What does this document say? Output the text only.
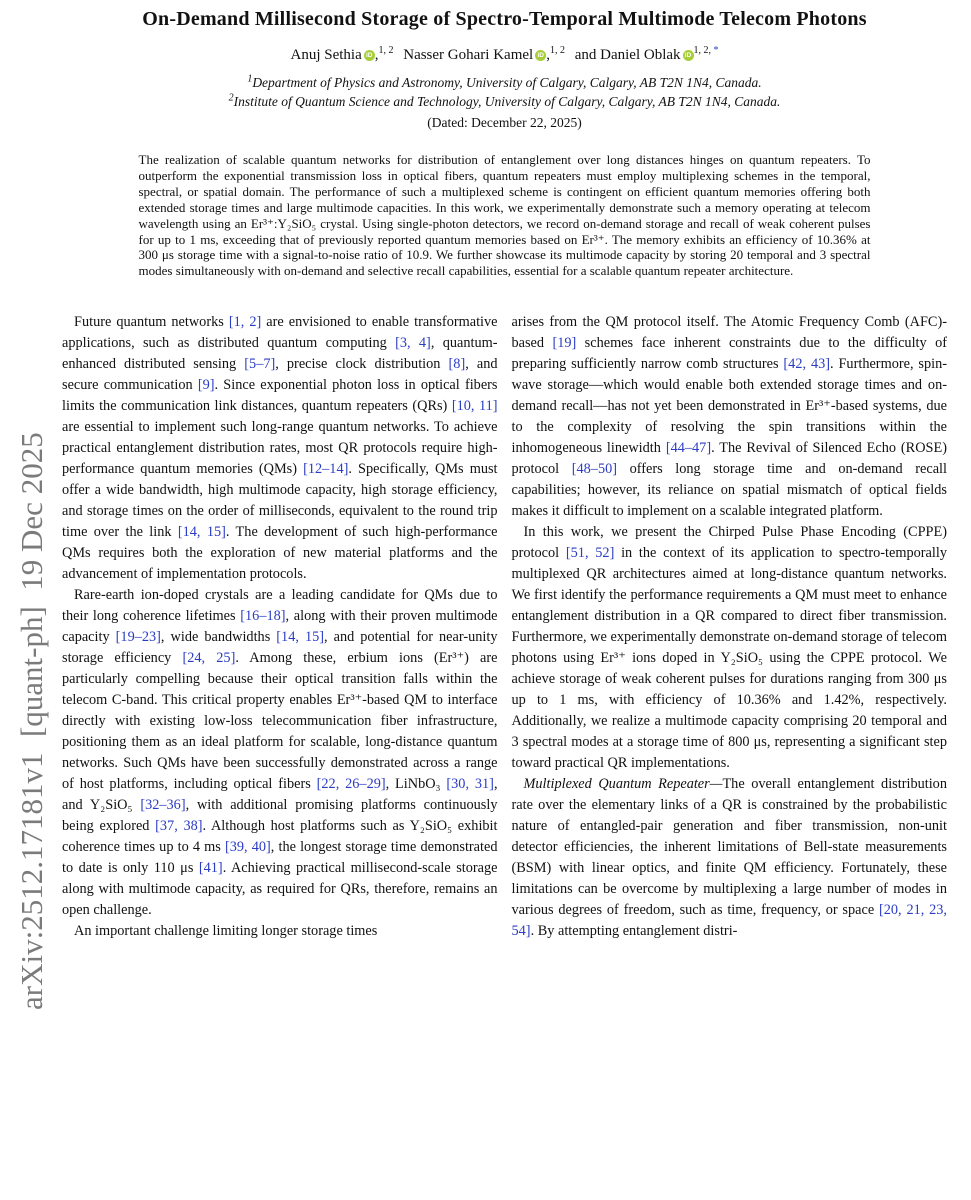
arXiv:2512.17181v1  [quant-ph]  19 Dec 2025
On-Demand Millisecond Storage of Spectro-Temporal Multimode Telecom Photons
Anuj Sethia iD ,$^{1, 2}$ Nasser Gohari Kamel iD ,$^{1, 2}$ and Daniel Oblak iD $^{1, 2,}$ *
$^1$Department of Physics and Astronomy, University of Calgary, Calgary, AB T2N 1N4, Canada.
$^2$Institute of Quantum Science and Technology, University of Calgary, Calgary, AB T2N 1N4, Canada.
(Dated: December 22, 2025)
The realization of scalable quantum networks for distribution of entanglement over long distances hinges on quantum repeaters. To outperform the exponential transmission loss in optical fibers, quantum repeaters must employ multiplexing schemes in the temporal, spectral, or spatial domain. The performance of such a multiplexed scheme is contingent on efficient quantum memories offering both extended storage times and large multimode capacities. In this work, we experimentally demonstrate such a memory operating at telecom wavelength using an Er³⁺:Y₂SiO₅ crystal. Using single-photon detectors, we record on-demand storage and recall of weak coherent pulses for up to 1 ms, exceeding that of previously reported quantum memories based on Er³⁺. The memory exhibits an efficiency of 10.36% at 300 μs storage time with a signal-to-noise ratio of 10.9. We further showcase its multimode capacity by storing 20 temporal and 3 spectral modes simultaneously with on-demand and selective recall capabilities, essential for a scalable quantum repeater architecture.

Future quantum networks [1, 2] are envisioned to enable transformative applications, such as distributed quantum computing [3, 4], quantum-enhanced distributed sensing [5–7], precise clock distribution [8], and secure communication [9]. Since exponential photon loss in optical fibers limits the communication link distances, quantum repeaters (QRs) [10, 11] are essential to implement such long-range quantum networks. To achieve practical entanglement distribution rates, most QR protocols require high-performance quantum memories (QMs) [12–14]. Specifically, QMs must offer a wide bandwidth, high multimode capacity, high storage efficiency, and storage times on the order of milliseconds, equivalent to the round trip time over the link [14, 15]. The development of such high-performance QMs requires both the exploration of new material platforms and the advancement of implementation protocols.

Rare-earth ion-doped crystals are a leading candidate for QMs due to their long coherence lifetimes [16–18], along with their proven multimode capacity [19–23], wide bandwidths [14, 15], and potential for near-unity storage efficiency [24, 25]. Among these, erbium ions (Er³⁺) are particularly compelling because their optical transition falls within the telecom C-band. This critical property enables Er³⁺-based QM to interface directly with existing low-loss telecommunication fiber infrastructure, positioning them as an ideal platform for scalable, long-distance quantum networks. Such QMs have been successfully demonstrated across a range of host platforms, including optical fibers [22, 26–29], LiNbO₃ [30, 31], and Y₂SiO₅ [32–36], with additional promising platforms continuously being explored [37, 38]. Although host platforms such as Y₂SiO₅ exhibit coherence times up to 4 ms [39, 40], the longest storage time demonstrated to date is only 110 μs [41]. Achieving practical millisecond-scale storage along with multimode capacity, as required for QRs, therefore, remains an open challenge.

An important challenge limiting longer storage times

arises from the QM protocol itself. The Atomic Frequency Comb (AFC)-based [19] schemes face inherent constraints due to the difficulty of preparing sufficiently narrow comb structures [42, 43]. Furthermore, spin-wave storage—which would enable both extended storage times and on-demand recall—has not yet been demonstrated in Er³⁺-based systems, due to the complexity of resolving the spin transitions within the inhomogeneous linewidth [44–47]. The Revival of Silenced Echo (ROSE) protocol [48–50] offers long storage time and on-demand recall capabilities; however, its reliance on spatial mismatch of optical fields makes it difficult to implement on a scalable integrated platform.

In this work, we present the Chirped Pulse Phase Encoding (CPPE) protocol [51, 52] in the context of its application to spectro-temporally multiplexed QR architectures aimed at long-distance quantum networks. We first identify the performance requirements a QM must meet to enhance entanglement distribution in a QR compared to direct fiber transmission. Furthermore, we experimentally demonstrate on-demand storage of telecom photons using Er³⁺ ions doped in Y₂SiO₅ using the CPPE protocol. We achieve storage of weak coherent pulses for durations ranging from 300 μs up to 1 ms, with efficiency of 10.36% and 1.42%, respectively. Additionally, we realize a multimode capacity comprising 20 temporal and 3 spectral modes at a storage time of 800 μs, representing a significant step toward practical QR implementations.

Multiplexed Quantum Repeater—The overall entanglement distribution rate over the elementary links of a QR is constrained by the probabilistic nature of entangled-pair generation and fiber transmission, non-unit detector efficiencies, the inherent limitations of Bell-state measurements (BSM) with linear optics, and finite QM efficiency. Fortunately, these limitations can be overcome by multiplexing a large number of modes in various degrees of freedom, such as time, frequency, or space [20, 21, 23, 54]. By attempting entanglement distri-
